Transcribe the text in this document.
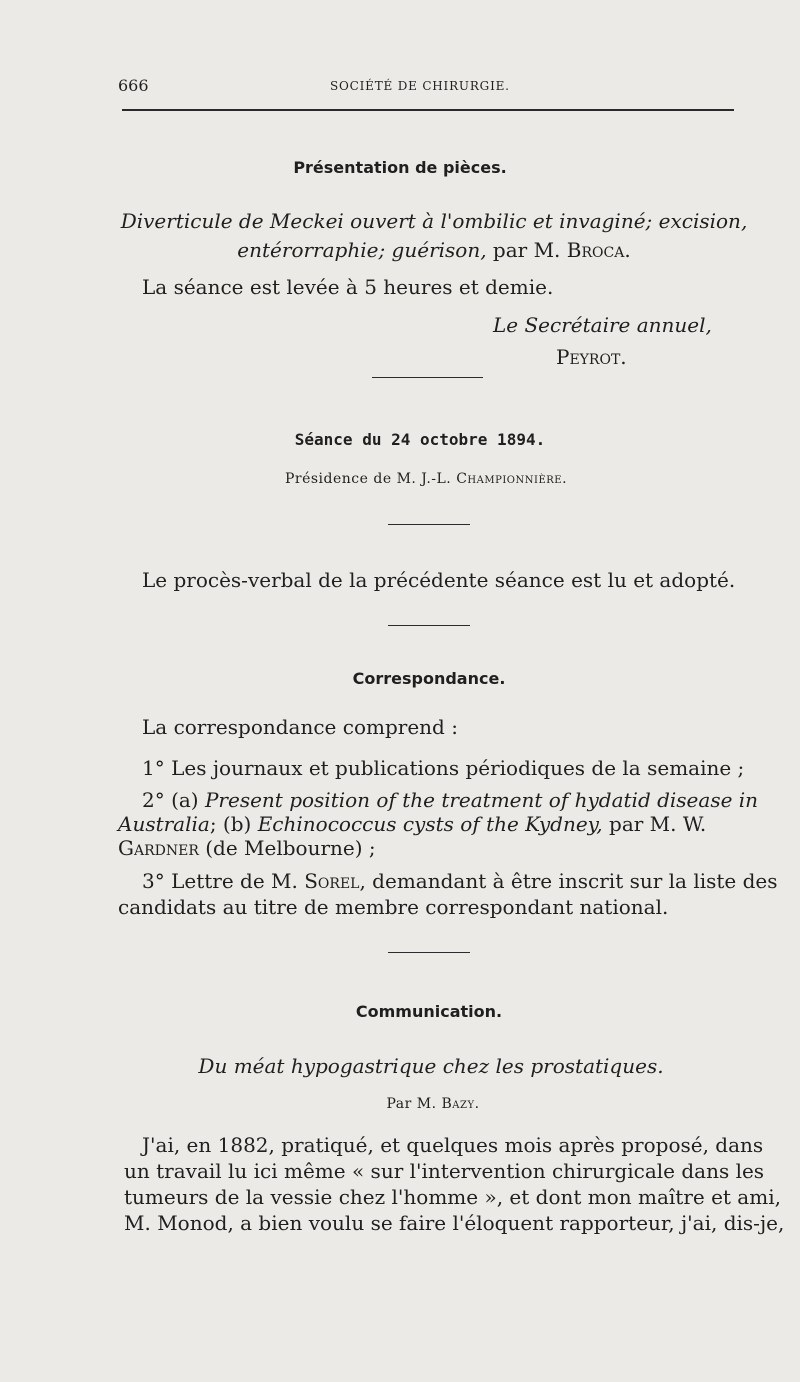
666	SOCIÉTÉ DE CHIRURGIE.
Présentation de pièces.
Diverticule de Meckei ouvert à l'ombilic et invaginé; excision,
entérorraphie; guérison, par M. Broca.
La séance est levée à 5 heures et demie.
Le Secrétaire annuel,
Peyrot.
Séance du 24 octobre 1894.
Présidence de M. J.-L. Championnière.
Le procès-verbal de la précédente séance est lu et adopté.
Correspondance.
La correspondance comprend :
1° Les journaux et publications périodiques de la semaine ;
2° (a) Present position of the treatment of hydatid disease in
Australia; (b) Echinococcus cysts of the Kydney, par M. W.
Gardner (de Melbourne) ;
3° Lettre de M. Sorel, demandant à être inscrit sur la liste des
candidats au titre de membre correspondant national.
Communication.
Du méat hypogastrique chez les prostatiques.
Par M. Bazy.
J'ai, en 1882, pratiqué, et quelques mois après proposé, dans
un travail lu ici même « sur l'intervention chirurgicale dans les
tumeurs de la vessie chez l'homme », et dont mon maître et ami,
M. Monod, a bien voulu se faire l'éloquent rapporteur, j'ai, dis-je,
